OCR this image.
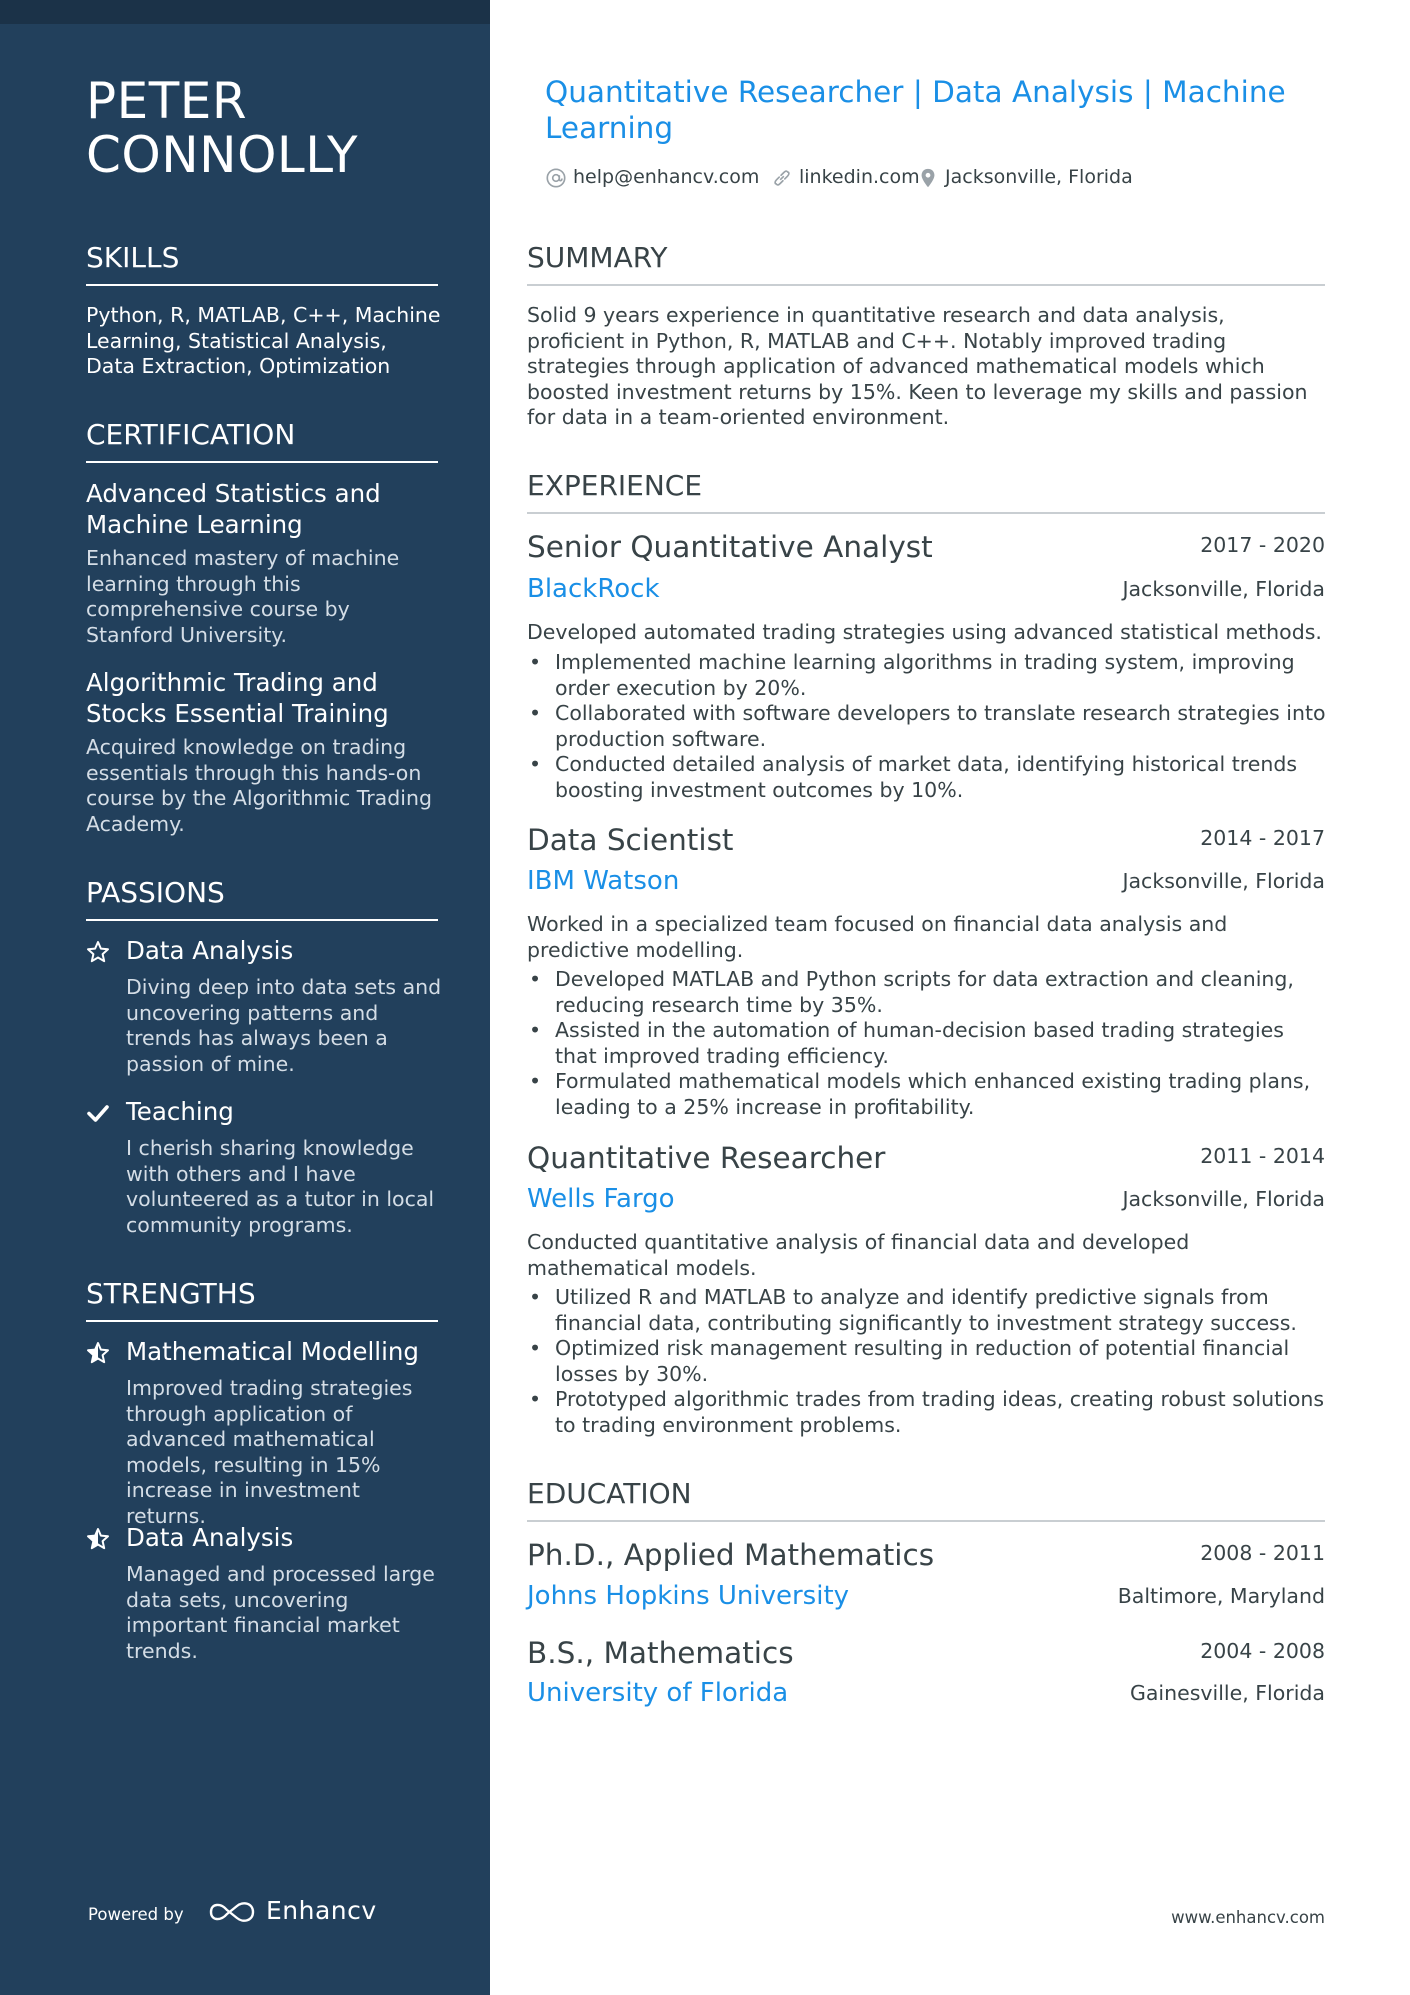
PETER CONNOLLY
SKILLS
Python, R, MATLAB, C++, Machine Learning, Statistical Analysis, Data Extraction, Optimization
CERTIFICATION
Advanced Statistics and Machine Learning
Enhanced mastery of machine learning through this comprehensive course by Stanford University.
Algorithmic Trading and Stocks Essential Training
Acquired knowledge on trading essentials through this hands-on course by the Algorithmic Trading Academy.
PASSIONS
Data Analysis
Diving deep into data sets and uncovering patterns and trends has always been a passion of mine.
Teaching
I cherish sharing knowledge with others and I have volunteered as a tutor in local community programs.
STRENGTHS
Mathematical Modelling
Improved trading strategies through application of advanced mathematical models, resulting in 15% increase in investment returns.
Data Analysis
Managed and processed large data sets, uncovering important financial market trends.
Powered by	Enhancv
Quantitative Researcher | Data Analysis | Machine Learning
help@enhancv.com linkedin.com Jacksonville, Florida
SUMMARY
Solid 9 years experience in quantitative research and data analysis, proficient in Python, R, MATLAB and C++. Notably improved trading strategies through application of advanced mathematical models which boosted investment returns by 15%. Keen to leverage my skills and passion for data in a team-oriented environment.
EXPERIENCE
Senior Quantitative Analyst	2017 - 2020
BlackRock	Jacksonville, Florida
Developed automated trading strategies using advanced statistical methods.
• Implemented machine learning algorithms in trading system, improving order execution by 20%.
• Collaborated with software developers to translate research strategies into production software.
• Conducted detailed analysis of market data, identifying historical trends boosting investment outcomes by 10%.
Data Scientist	2014 - 2017
IBM Watson	Jacksonville, Florida
Worked in a specialized team focused on financial data analysis and predictive modelling.
• Developed MATLAB and Python scripts for data extraction and cleaning, reducing research time by 35%.
• Assisted in the automation of human-decision based trading strategies that improved trading efficiency.
• Formulated mathematical models which enhanced existing trading plans, leading to a 25% increase in profitability.
Quantitative Researcher	2011 - 2014
Wells Fargo	Jacksonville, Florida
Conducted quantitative analysis of financial data and developed mathematical models.
• Utilized R and MATLAB to analyze and identify predictive signals from financial data, contributing significantly to investment strategy success.
• Optimized risk management resulting in reduction of potential financial losses by 30%.
• Prototyped algorithmic trades from trading ideas, creating robust solutions to trading environment problems.
EDUCATION
Ph.D., Applied Mathematics	2008 - 2011
Johns Hopkins University	Baltimore, Maryland
B.S., Mathematics	2004 - 2008
University of Florida	Gainesville, Florida
www.enhancv.com
